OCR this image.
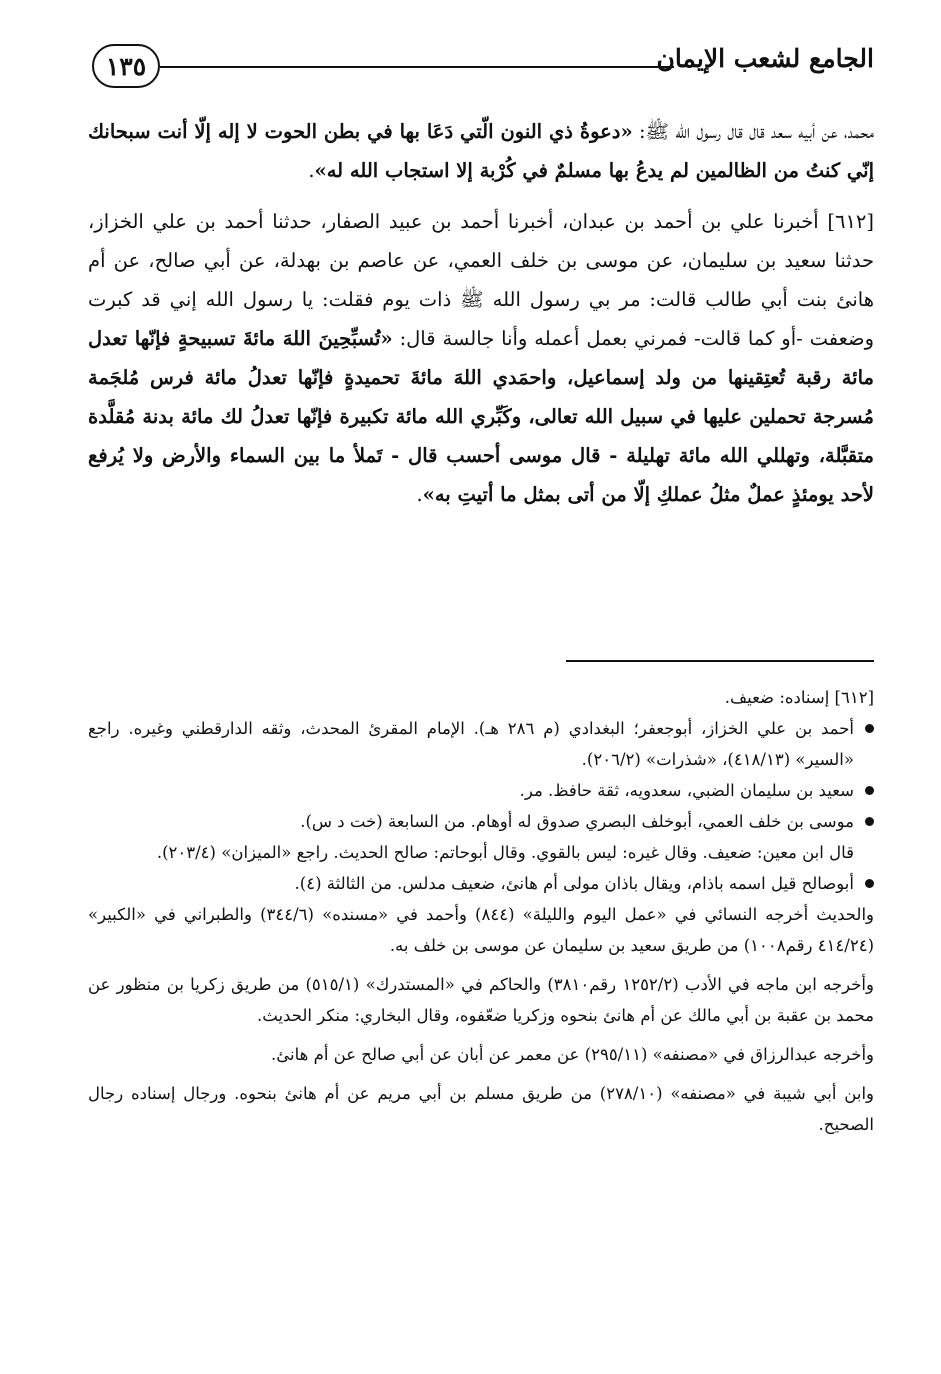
١٣٥	الجامع لشعب الإيمان

محمد، عن أبيه سعد قال قال رسول الله ﷺ: «دعوةُ ذي النون الّتي دَعَا بها في بطن الحوت لا إله إلّا أنت سبحانك إنّي كنتُ من الظالمين لم يدعُ بها مسلمٌ في كُرْبة إلا استجاب الله له».

[٦١٢] أخبرنا علي بن أحمد بن عبدان، أخبرنا أحمد بن عبيد الصفار، حدثنا أحمد بن علي الخزاز، حدثنا سعيد بن سليمان، عن موسى بن خلف العمي، عن عاصم بن بهدلة، عن أبي صالح، عن أم هانئ بنت أبي طالب قالت: مر بي رسول الله ﷺ ذات يوم فقلت: يا رسول الله إني قد كبرت وضعفت -أو كما قالت- فمرني بعمل أعمله وأنا جالسة قال: «تُسبِّحِينَ اللهَ مائةَ تسبيحةٍ فإنّها تعدل مائة رقبة تُعتِقينها من ولد إسماعيل، واحمَدي اللهَ مائةَ تحميدةٍ فإنّها تعدلُ مائة فرس مُلجَمة مُسرجة تحملين عليها في سبيل الله تعالى، وكَبِّري الله مائة تكبيرة فإنّها تعدلُ لك مائة بدنة مُقلَّدة متقبَّلة، وتهللي الله مائة تهليلة - قال موسى أحسب قال - تَملأ ما بين السماء والأرض ولا يُرفع لأحد يومئذٍ عملٌ مثلُ عملكِ إلّا من أتى بمثل ما أتيتِ به».

[٦١٢] إسناده: ضعيف.

أحمد بن علي الخزاز، أبوجعفر؛ البغدادي (م ٢٨٦ هـ). الإمام المقرئ المحدث، وثقه الدارقطني وغيره. راجع «السير» (٤١٨/١٣)، «شذرات» (٢٠٦/٢).

سعيد بن سليمان الضبي، سعدويه، ثقة حافظ. مر.

موسى بن خلف العمي، أبوخلف البصري صدوق له أوهام. من السابعة (خت د س).

قال ابن معين: ضعيف. وقال غيره: ليس بالقوي. وقال أبوحاتم: صالح الحديث. راجع «الميزان» (٢٠٣/٤).

أبوصالح قيل اسمه باذام، ويقال باذان مولى أم هانئ، ضعيف مدلس. من الثالثة (٤).

والحديث أخرجه النسائي في «عمل اليوم والليلة» (٨٤٤) وأحمد في «مسنده» (٣٤٤/٦) والطبراني في «الكبير» (٤١٤/٢٤ رقم١٠٠٨) من طريق سعيد بن سليمان عن موسى بن خلف به.

وأخرجه ابن ماجه في الأدب (١٢٥٢/٢ رقم٣٨١٠) والحاكم في «المستدرك» (٥١٥/١) من طريق زكريا بن منظور عن محمد بن عقبة بن أبي مالك عن أم هانئ بنحوه وزكريا ضعّفوه، وقال البخاري: منكر الحديث.

وأخرجه عبدالرزاق في «مصنفه» (٢٩٥/١١) عن معمر عن أبان عن أبي صالح عن أم هانئ.

وابن أبي شيبة في «مصنفه» (٢٧٨/١٠) من طريق مسلم بن أبي مريم عن أم هانئ بنحوه. ورجال إسناده رجال الصحيح.
